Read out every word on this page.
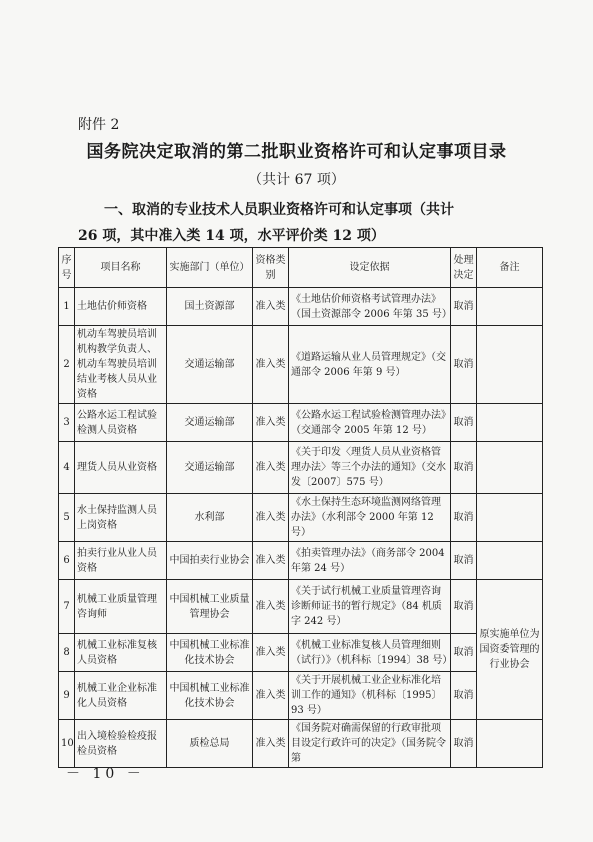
附件 2
国务院决定取消的第二批职业资格许可和认定事项目录
（共计 67 项）
一、取消的专业技术人员职业资格许可和认定事项（共计
26 项，其中准入类 14 项，水平评价类 12 项）
序号	项目名称	实施部门（单位）	资格类别	设定依据	处理决定	备注
1	土地估价师资格	国土资源部	准入类	《土地估价师资格考试管理办法》（国土资源部令 2006 年第 35 号）	取消	
2	机动车驾驶员培训机构教学负责人、机动车驾驶员培训结业考核人员从业资格	交通运输部	准入类	《道路运输从业人员管理规定》（交通部令 2006 年第 9 号）	取消	
3	公路水运工程试验检测人员资格	交通运输部	准入类	《公路水运工程试验检测管理办法》（交通部令 2005 年第 12 号）	取消	
4	理货人员从业资格	交通运输部	准入类	《关于印发〈理货人员从业资格管理办法〉等三个办法的通知》（交水发〔2007〕575 号）	取消	
5	水土保持监测人员上岗资格	水利部	准入类	《水土保持生态环境监测网络管理办法》（水利部令 2000 年第 12 号）	取消	
6	拍卖行业从业人员资格	中国拍卖行业协会	准入类	《拍卖管理办法》（商务部令 2004 年第 24 号）	取消	
7	机械工业质量管理咨询师	中国机械工业质量管理协会	准入类	《关于试行机械工业质量管理咨询诊断师证书的暂行规定》（84 机质字 242 号）	取消	原实施单位为国资委管理的行业协会
8	机械工业标准复核人员资格	中国机械工业标准化技术协会	准入类	《机械工业标准复核人员管理细则（试行）》（机科标〔1994〕38 号）	取消	
9	机械工业企业标准化人员资格	中国机械工业标准化技术协会	准入类	《关于开展机械工业企业标准化培训工作的通知》（机科标〔1995〕93 号）	取消	
10	出入境检验检疫报检员资格	质检总局	准入类	《国务院对确需保留的行政审批项目设定行政许可的决定》（国务院令第	取消	
－ 10 －
